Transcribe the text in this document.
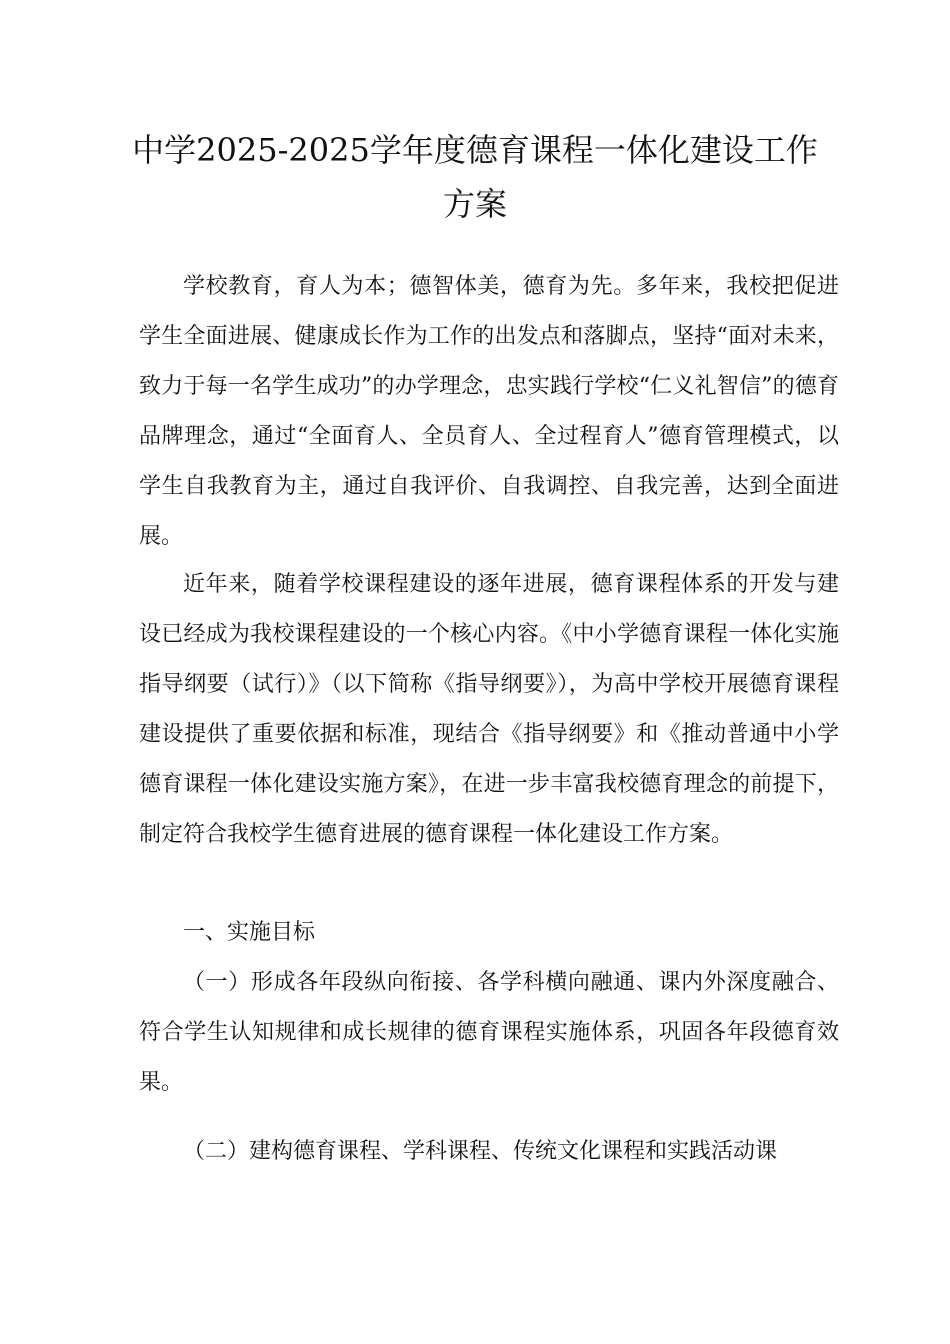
中学2025-2025学年度德育课程一体化建设工作
方案

学校教育，育人为本；德智体美，德育为先。多年来，我校把促进学生全面进展、健康成长作为工作的出发点和落脚点，坚持“面对未来，致力于每一名学生成功”的办学理念，忠实践行学校“仁义礼智信”的德育品牌理念，通过“全面育人、全员育人、全过程育人”德育管理模式，以学生自我教育为主，通过自我评价、自我调控、自我完善，达到全面进展。

近年来，随着学校课程建设的逐年进展，德育课程体系的开发与建设已经成为我校课程建设的一个核心内容。《中小学德育课程一体化实施指导纲要（试行）》（以下简称《指导纲要》），为高中学校开展德育课程建设提供了重要依据和标准，现结合《指导纲要》和《推动普通中小学德育课程一体化建设实施方案》，在进一步丰富我校德育理念的前提下，制定符合我校学生德育进展的德育课程一体化建设工作方案。

一、实施目标

（一）形成各年段纵向衔接、各学科横向融通、课内外深度融合、符合学生认知规律和成长规律的德育课程实施体系，巩固各年段德育效果。

（二）建构德育课程、学科课程、传统文化课程和实践活动课
